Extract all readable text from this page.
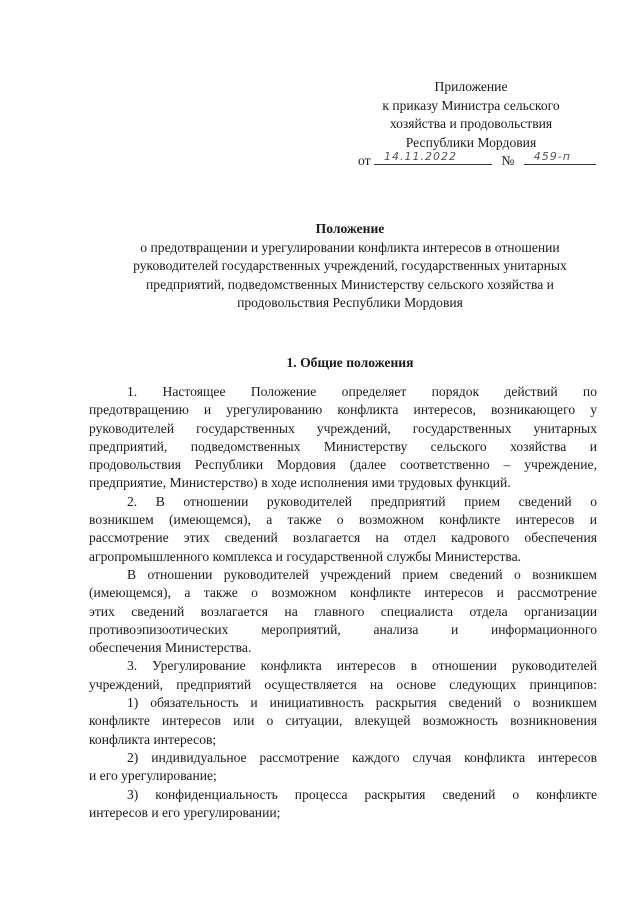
Приложение
к приказу Министра сельского
хозяйства и продовольствия
Республики Мордовия
от 14.11.2022	№ 459-п
Положение
о предотвращении и урегулировании конфликта интересов в отношении
руководителей государственных учреждений, государственных унитарных
предприятий, подведомственных Министерству сельского хозяйства и
продовольствия Республики Мордовия
1. Общие положения
1. Настоящее Положение определяет порядок действий по
предотвращению и урегулированию конфликта интересов, возникающего у
руководителей государственных учреждений, государственных унитарных
предприятий, подведомственных Министерству сельского хозяйства и
продовольствия Республики Мордовия (далее соответственно – учреждение,
предприятие, Министерство) в ходе исполнения ими трудовых функций.
2. В отношении руководителей предприятий прием сведений о
возникшем (имеющемся), а также о возможном конфликте интересов и
рассмотрение этих сведений возлагается на отдел кадрового обеспечения
агропромышленного комплекса и государственной службы Министерства.
В отношении руководителей учреждений прием сведений о возникшем
(имеющемся), а также о возможном конфликте интересов и рассмотрение
этих сведений возлагается на главного специалиста отдела организации
противоэпизоотических мероприятий, анализа и информационного
обеспечения Министерства.
3. Урегулирование конфликта интересов в отношении руководителей
учреждений, предприятий осуществляется на основе следующих принципов:
1) обязательность и инициативность раскрытия сведений о возникшем
конфликте интересов или о ситуации, влекущей возможность возникновения
конфликта интересов;
2) индивидуальное рассмотрение каждого случая конфликта интересов
и его урегулирование;
3) конфиденциальность процесса раскрытия сведений о конфликте
интересов и его урегулировании;
